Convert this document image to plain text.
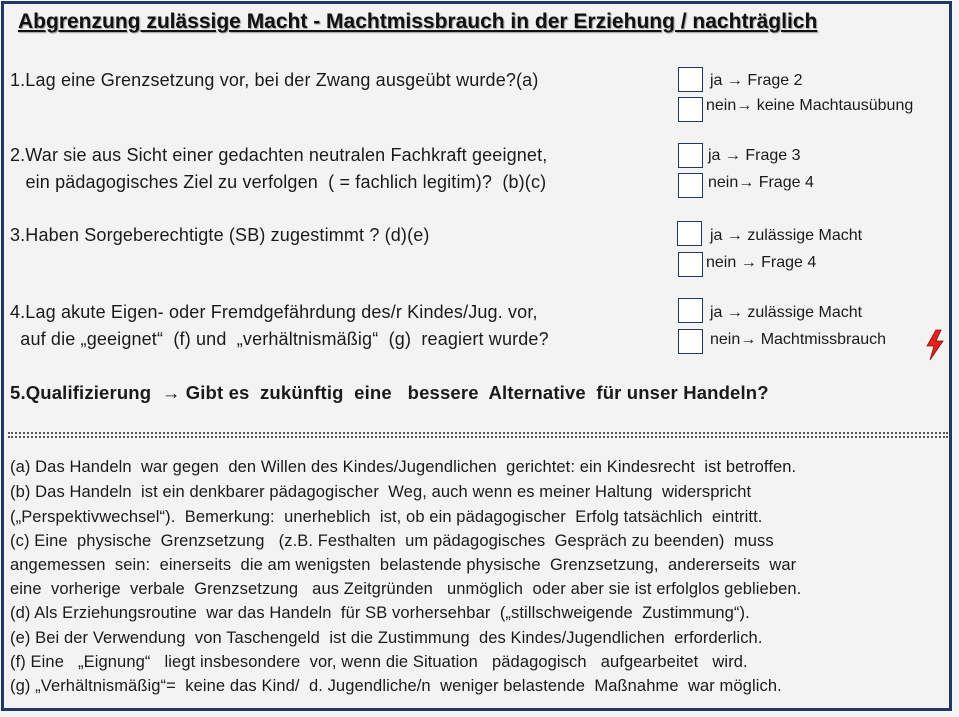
Abgrenzung zulässige Macht - Machtmissbrauch in der Erziehung / nachträglich
1.Lag eine Grenzsetzung vor, bei der Zwang ausgeübt wurde?(a)	ja → Frage 2
nein→ keine Machtausübung
2.War sie aus Sicht einer gedachten neutralen Fachkraft geeignet,
ein pädagogisches Ziel zu verfolgen  ( = fachlich legitim)?  (b)(c)
ja → Frage 3
nein→ Frage 4
3.Haben Sorgeberechtigte (SB) zugestimmt ? (d)(e)	ja → zulässige Macht
nein → Frage 4
4.Lag akute Eigen- oder Fremdgefährdung des/r Kindes/Jug. vor,
auf die „geeignet“  (f) und  „verhältnismäßig“  (g)  reagiert wurde?
ja → zulässige Macht
nein→ Machtmissbrauch
5.Qualifizierung  → Gibt es  zukünftig  eine   bessere  Alternative  für unser Handeln?
(a) Das Handeln  war gegen  den Willen des Kindes/Jugendlichen  gerichtet: ein Kindesrecht  ist betroffen.
(b) Das Handeln  ist ein denkbarer pädagogischer  Weg, auch wenn es meiner Haltung  widerspricht
(„Perspektivwechsel“).  Bemerkung:  unerheblich  ist, ob ein pädagogischer  Erfolg tatsächlich  eintritt.
(c) Eine  physische  Grenzsetzung   (z.B. Festhalten  um pädagogisches  Gespräch zu beenden)  muss
angemessen  sein:  einerseits  die am wenigsten  belastende physische  Grenzsetzung,  andererseits  war
eine  vorherige  verbale  Grenzsetzung   aus Zeitgründen   unmöglich  oder aber sie ist erfolglos geblieben.
(d) Als Erziehungsroutine  war das Handeln  für SB vorhersehbar  („stillschweigende  Zustimmung“).
(e) Bei der Verwendung  von Taschengeld  ist die Zustimmung  des Kindes/Jugendlichen  erforderlich.
(f) Eine   „Eignung“   liegt insbesondere  vor, wenn die Situation   pädagogisch   aufgearbeitet   wird.
(g) „Verhältnismäßig“=  keine das Kind/  d. Jugendliche/n  weniger belastende  Maßnahme  war möglich.
